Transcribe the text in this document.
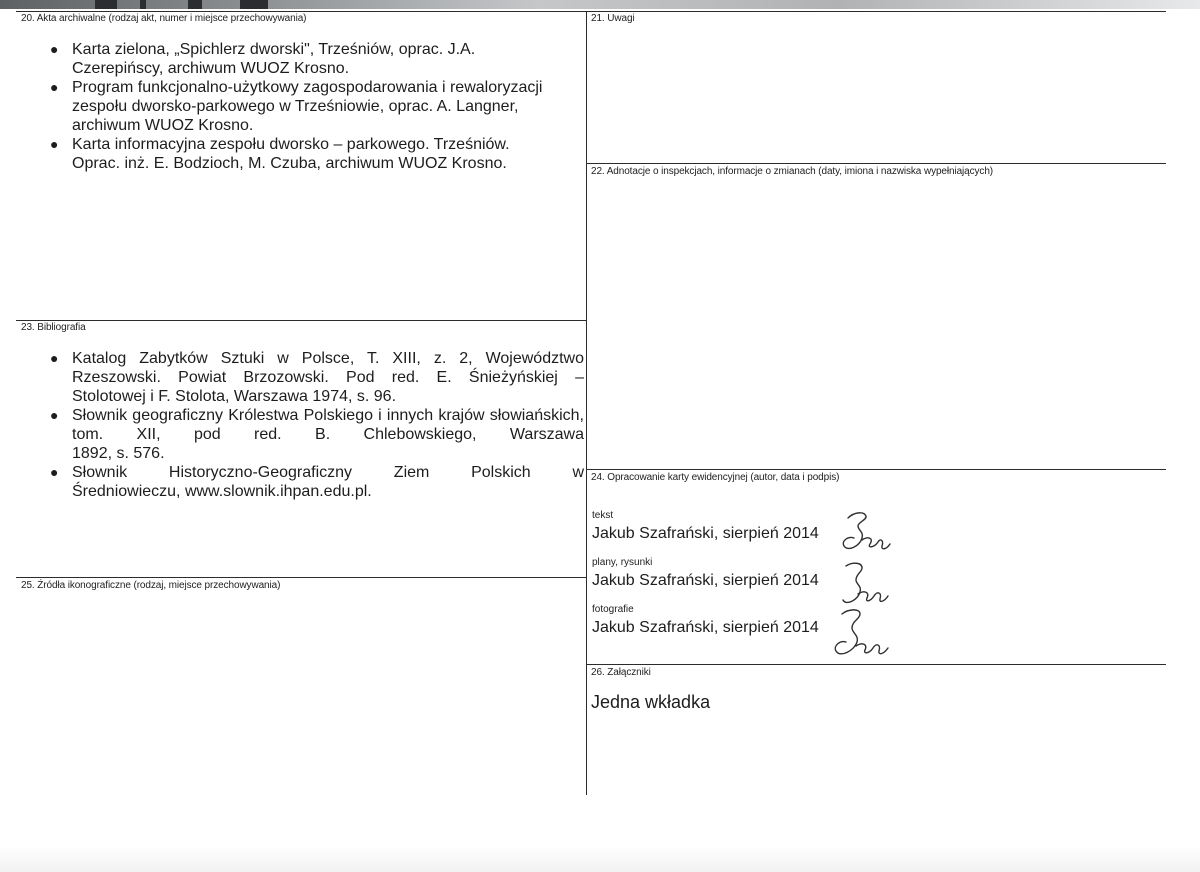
20. Akta archiwalne (rodzaj akt, numer i miejsce przechowywania)
● Karta zielona, „Spichlerz dworski", Trześniów, oprac. J.A. Czerepińscy, archiwum WUOZ Krosno.
● Program funkcjonalno-użytkowy zagospodarowania i rewaloryzacji zespołu dworsko-parkowego w Trześniowie, oprac. A. Langner, archiwum WUOZ Krosno.
● Karta informacyjna zespołu dworsko – parkowego. Trześniów. Oprac. inż. E. Bodzioch, M. Czuba, archiwum WUOZ Krosno.
21. Uwagi
22. Adnotacje o inspekcjach, informacje o zmianach (daty, imiona i nazwiska wypełniających)
23. Bibliografia
● Katalog Zabytków Sztuki w Polsce, T. XIII, z. 2, Województwo Rzeszowski. Powiat Brzozowski. Pod red. E. Śnieżyńskiej –
Stolotowej i F. Stolota, Warszawa 1974, s. 96.
● Słownik geograficzny Królestwa Polskiego i innych krajów słowiańskich, tom. XII, pod red. B. Chlebowskiego, Warszawa
1892, s. 576.
● Słownik Historyczno-Geograficzny Ziem Polskich w
Średniowieczu, www.slownik.ihpan.edu.pl.
24. Opracowanie karty ewidencyjnej (autor, data i podpis)
tekst
Jakub Szafrański, sierpień 2014
plany, rysunki
Jakub Szafrański, sierpień 2014
fotografie
Jakub Szafrański, sierpień 2014
25. Źródła ikonograficzne (rodzaj, miejsce przechowywania)
26. Załączniki
Jedna wkładka
